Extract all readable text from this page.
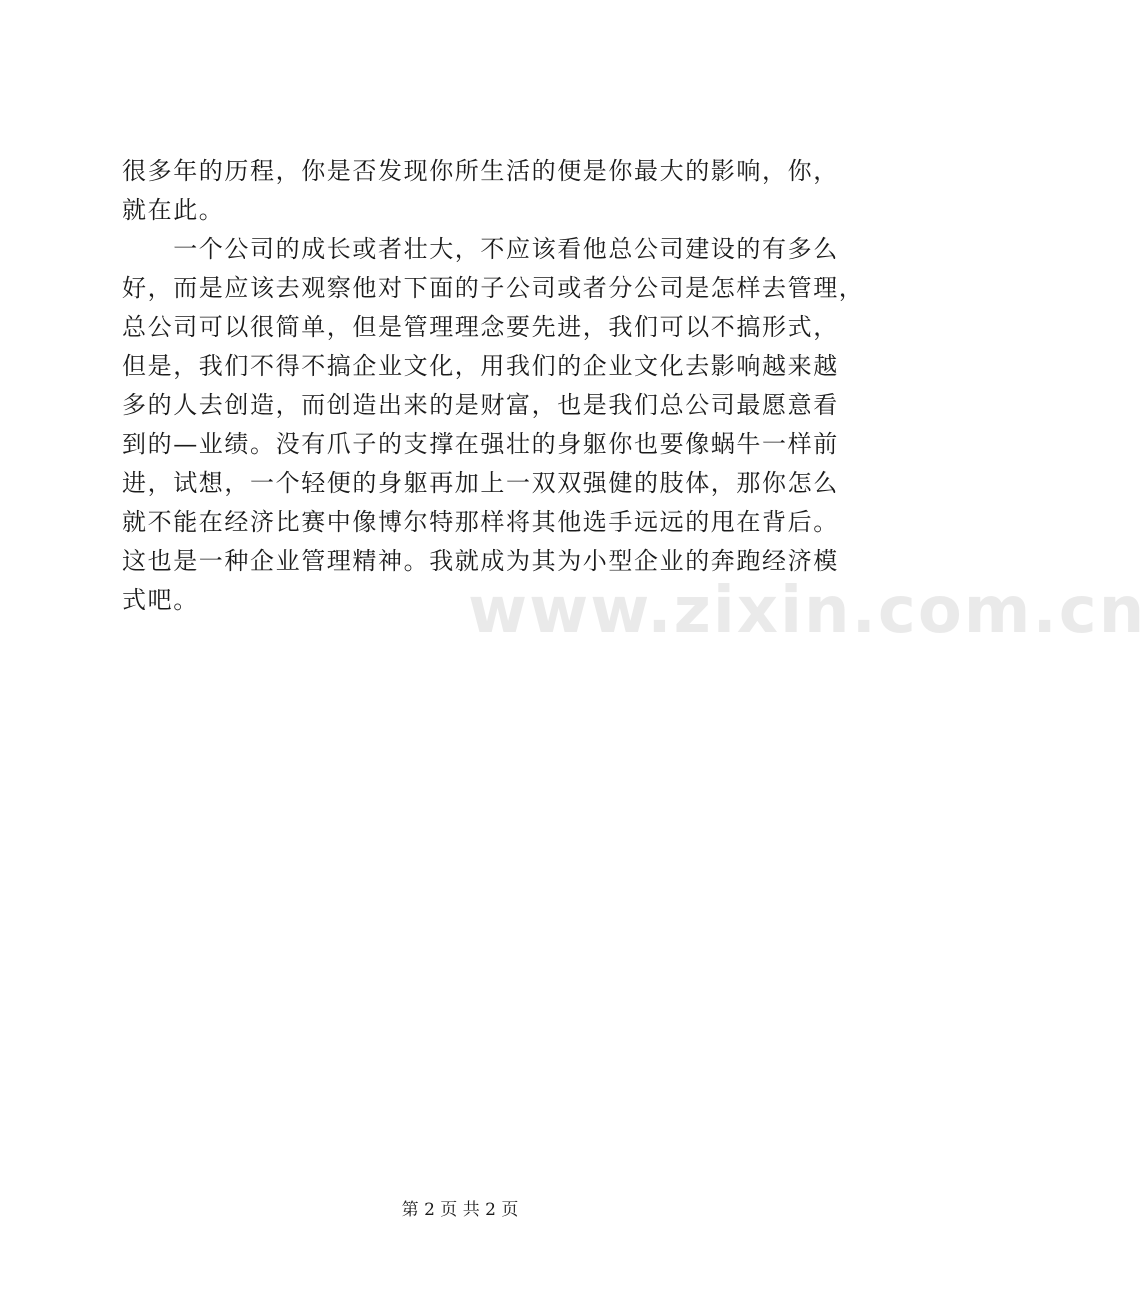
很多年的历程，你是否发现你所生活的便是你最大的影响，你，
就在此。
　　一个公司的成长或者壮大，不应该看他总公司建设的有多么
好，而是应该去观察他对下面的子公司或者分公司是怎样去管理，
总公司可以很简单，但是管理理念要先进，我们可以不搞形式，
但是，我们不得不搞企业文化，用我们的企业文化去影响越来越
多的人去创造，而创造出来的是财富，也是我们总公司最愿意看
到的—业绩。没有爪子的支撑在强壮的身躯你也要像蜗牛一样前
进，试想，一个轻便的身躯再加上一双双强健的肢体，那你怎么
就不能在经济比赛中像博尔特那样将其他选手远远的甩在背后。
这也是一种企业管理精神。我就成为其为小型企业的奔跑经济模
式吧。	www.zixin.com.cn
第 2 页 共 2 页
